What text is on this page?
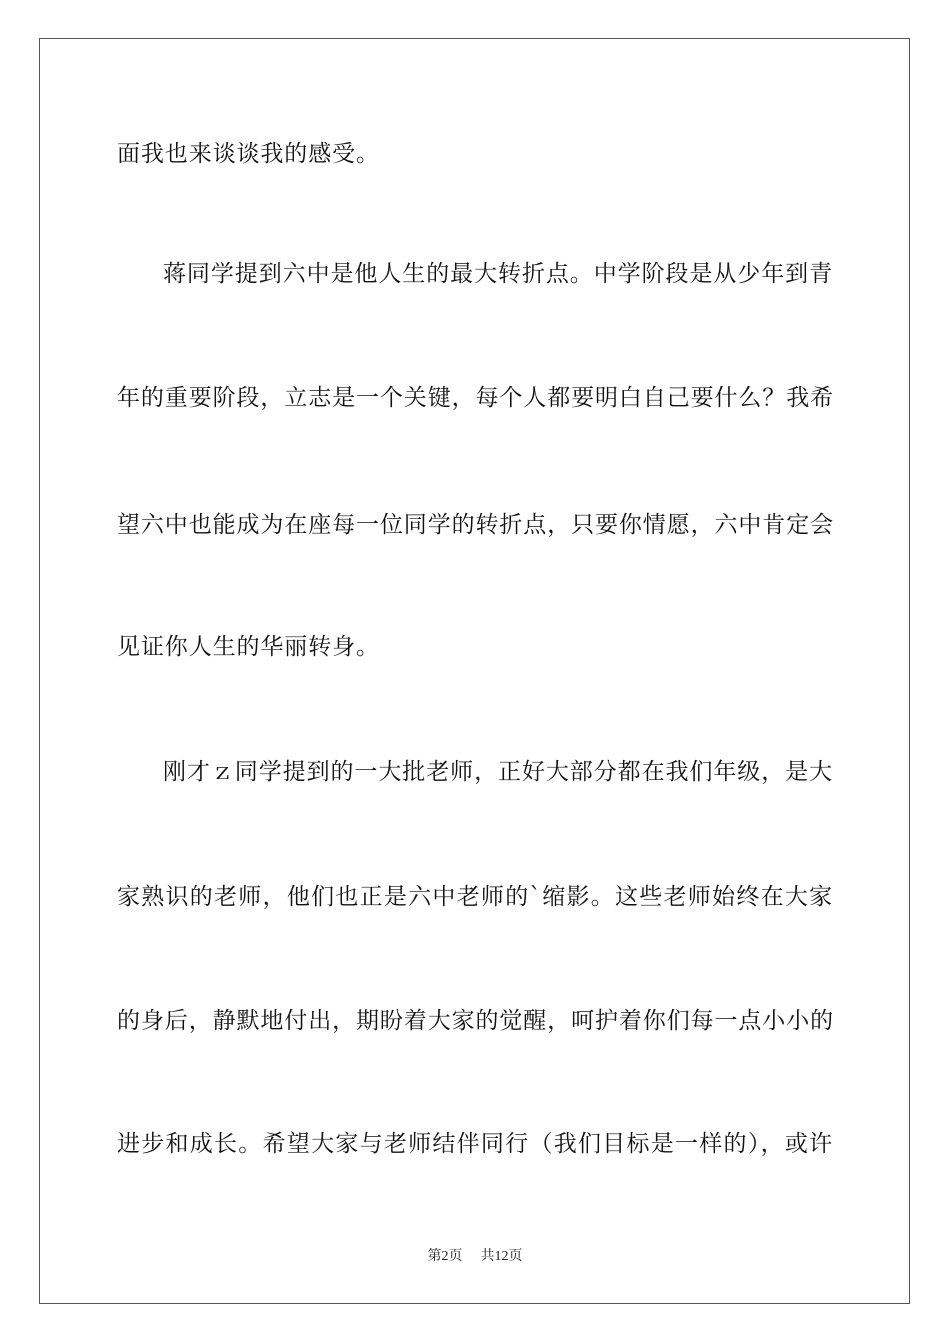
面我也来谈谈我的感受。
蒋同学提到六中是他人生的最大转折点。中学阶段是从少年到青
年的重要阶段，立志是一个关键，每个人都要明白自己要什么？我希
望六中也能成为在座每一位同学的转折点，只要你情愿，六中肯定会
见证你人生的华丽转身。
刚才ｚ同学提到的一大批老师，正好大部分都在我们年级，是大
家熟识的老师，他们也正是六中老师的`缩影。这些老师始终在大家
的身后，静默地付出，期盼着大家的觉醒，呵护着你们每一点小小的
进步和成长。希望大家与老师结伴同行（我们目标是一样的），或许
第2页 共12页
